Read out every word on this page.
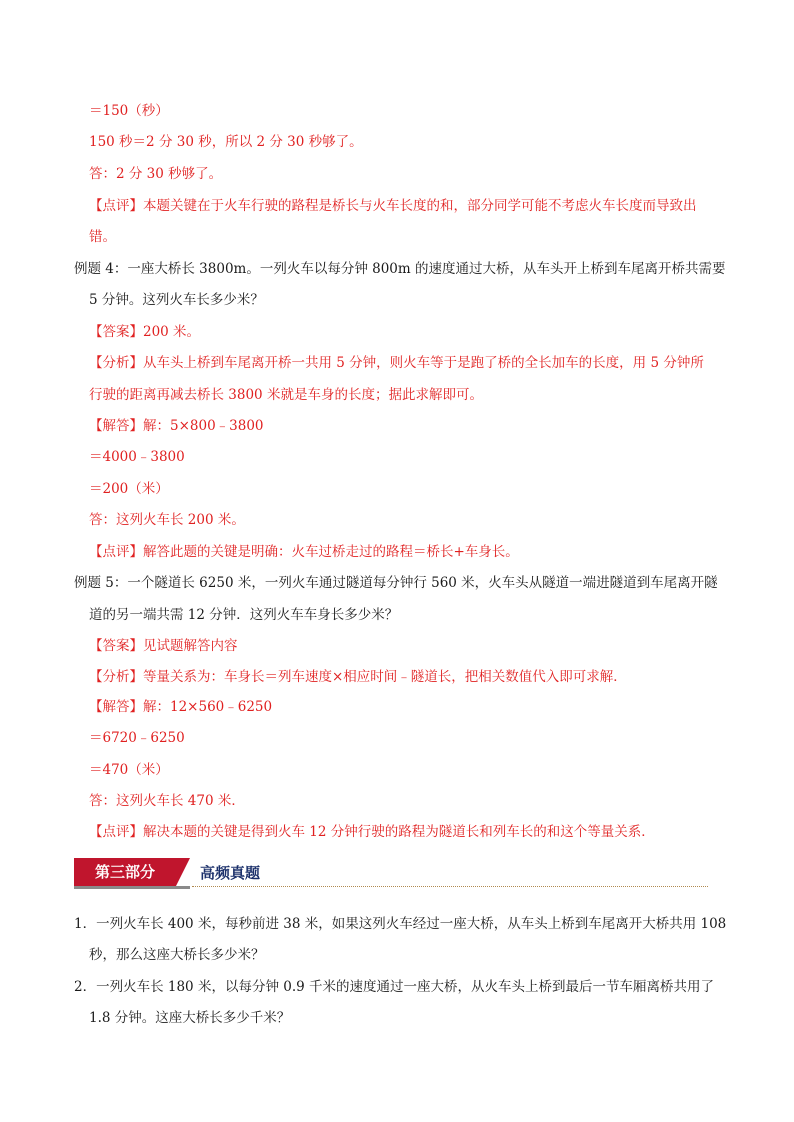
＝150（秒）
150 秒＝2 分 30 秒，所以 2 分 30 秒够了。
答：2 分 30 秒够了。
【点评】本题关键在于火车行驶的路程是桥长与火车长度的和，部分同学可能不考虑火车长度而导致出
错。
例题 4：一座大桥长 3800m。一列火车以每分钟 800m 的速度通过大桥，从车头开上桥到车尾离开桥共需要
5 分钟。这列火车长多少米？
【答案】200 米。
【分析】从车头上桥到车尾离开桥一共用 5 分钟，则火车等于是跑了桥的全长加车的长度，用 5 分钟所
行驶的距离再减去桥长 3800 米就是车身的长度；据此求解即可。
【解答】解：5×800﹣3800
＝4000﹣3800
＝200（米）
答：这列火车长 200 米。
【点评】解答此题的关键是明确：火车过桥走过的路程＝桥长+车身长。
例题 5：一个隧道长 6250 米，一列火车通过隧道每分钟行 560 米，火车头从隧道一端进隧道到车尾离开隧
道的另一端共需 12 分钟．这列火车车身长多少米？
【答案】见试题解答内容
【分析】等量关系为：车身长＝列车速度×相应时间﹣隧道长，把相关数值代入即可求解．
【解答】解：12×560﹣6250
＝6720﹣6250
＝470（米）
答：这列火车长 470 米．
【点评】解决本题的关键是得到火车 12 分钟行驶的路程为隧道长和列车长的和这个等量关系．
第三部分	高频真题
1．一列火车长 400 米，每秒前进 38 米，如果这列火车经过一座大桥，从车头上桥到车尾离开大桥共用 108
秒，那么这座大桥长多少米？
2．一列火车长 180 米，以每分钟 0.9 千米的速度通过一座大桥，从火车头上桥到最后一节车厢离桥共用了
1.8 分钟。这座大桥长多少千米？
